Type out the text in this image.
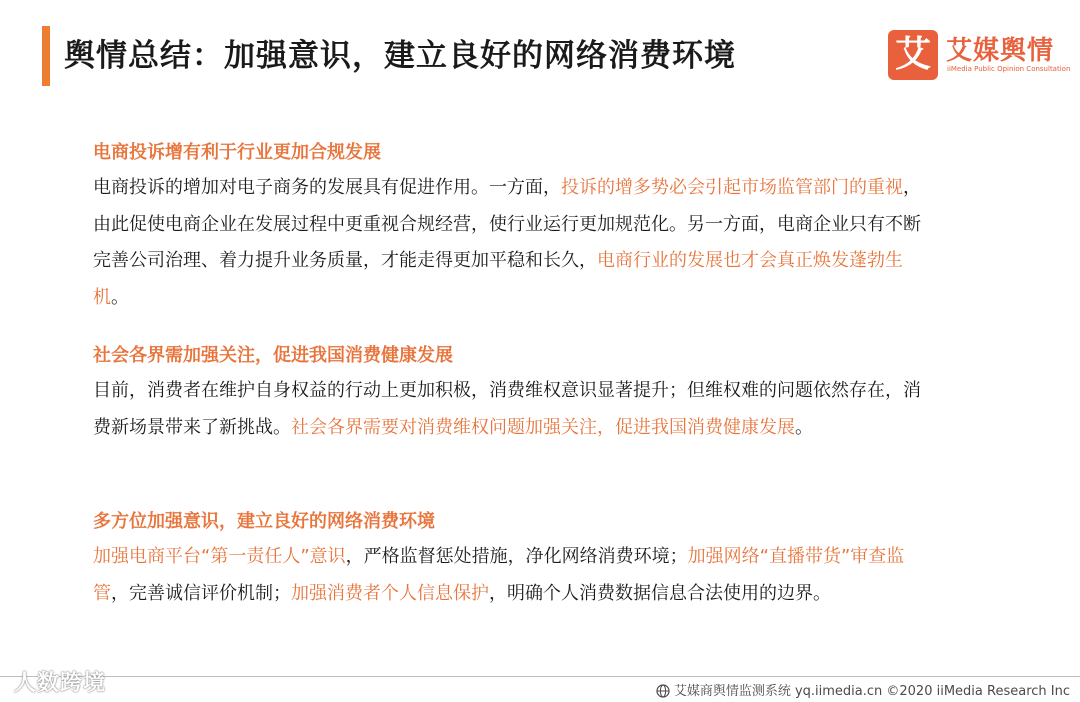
舆情总结：加强意识，建立良好的网络消费环境	艾 艾媒舆情
iiMedia Public Opinion Consultation
电商投诉增有利于行业更加合规发展
电商投诉的增加对电子商务的发展具有促进作用。一方面，投诉的增多势必会引起市场监管部门的重视，由此促使电商企业在发展过程中更重视合规经营，使行业运行更加规范化。另一方面，电商企业只有不断完善公司治理、着力提升业务质量，才能走得更加平稳和长久，电商行业的发展也才会真正焕发蓬勃生机。
社会各界需加强关注，促进我国消费健康发展
目前，消费者在维护自身权益的行动上更加积极，消费维权意识显著提升；但维权难的问题依然存在，消费新场景带来了新挑战。社会各界需要对消费维权问题加强关注，促进我国消费健康发展。
多方位加强意识，建立良好的网络消费环境
加强电商平台“第一责任人”意识，严格监督惩处措施，净化网络消费环境；加强网络“直播带货”审查监管，完善诚信评价机制；加强消费者个人信息保护，明确个人消费数据信息合法使用的边界。
人数跨境	艾媒商舆情监测系统 yq.iimedia.cn ©2020 iiMedia Research Inc
